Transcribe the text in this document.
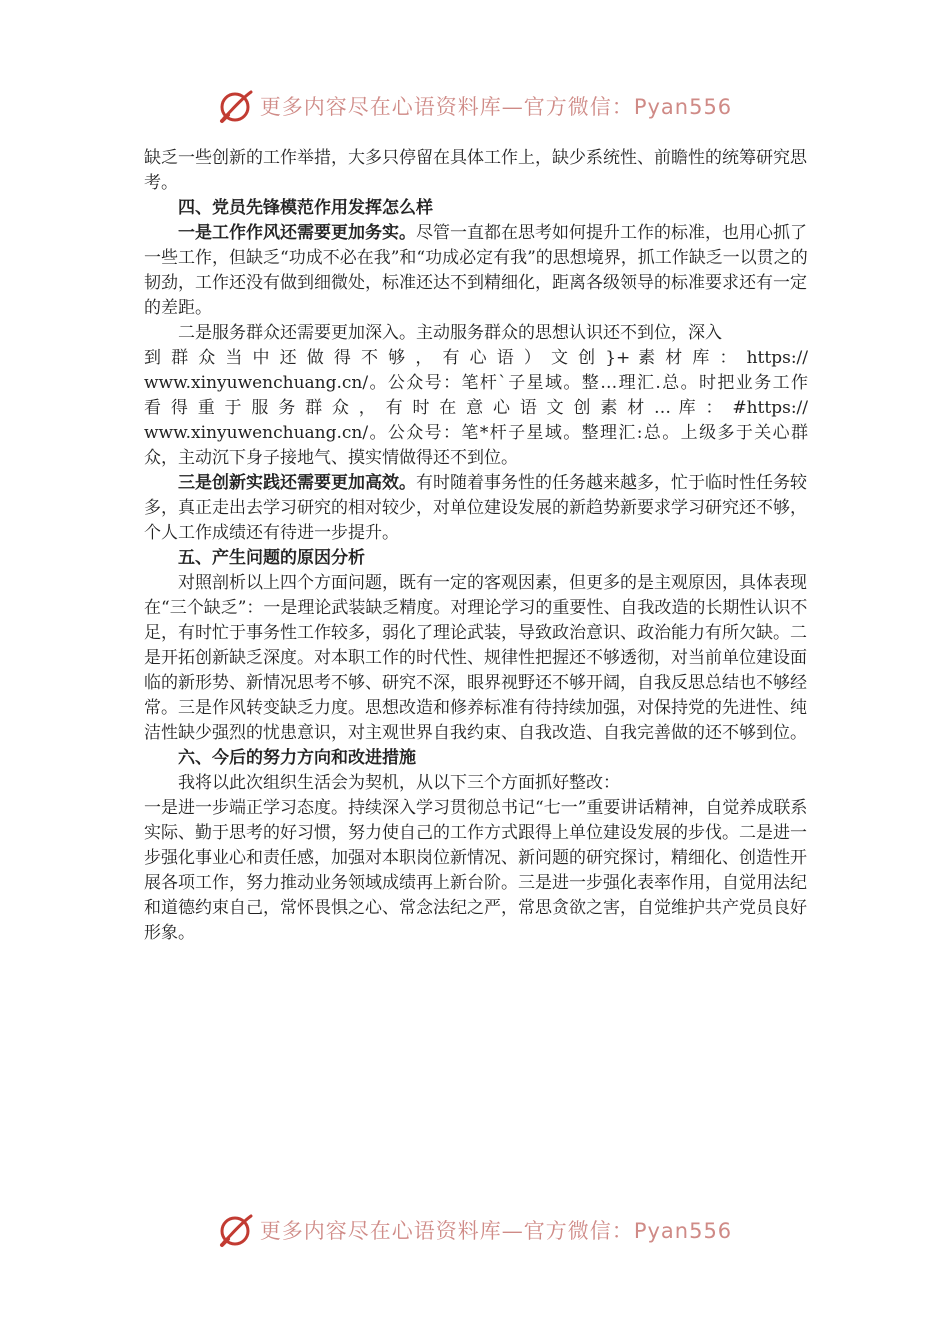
更多内容尽在心语资料库—官方微信：Pyan556

缺乏一些创新的工作举措，大多只停留在具体工作上，缺少系统性、前瞻性的统筹研究思考。

四、党员先锋模范作用发挥怎么样

一是工作作风还需要更加务实。尽管一直都在思考如何提升工作的标准，也用心抓了一些工作，但缺乏“功成不必在我”和“功成必定有我”的思想境界，抓工作缺乏一以贯之的韧劲，工作还没有做到细微处，标准还达不到精细化，距离各级领导的标准要求还有一定的差距。

二是服务群众还需要更加深入。主动服务群众的思想认识还不到位，深入

到 群 众 当 中 还 做 得 不 够 ， 有 心 语 ） 文 创 }+ 素 材 库 ： https://

www.xinyuwenchuang.cn/。公众号：笔杆`子星域。整…理汇.总。时把业务工作

看 得 重 于 服 务 群 众 ， 有 时 在 意 心 语 文 创 素 材 … 库 ： #https://

www.xinyuwenchuang.cn/。公众号：笔*杆子星域。整理汇:总。上级多于关心群

众，主动沉下身子接地气、摸实情做得还不到位。

三是创新实践还需要更加高效。有时随着事务性的任务越来越多，忙于临时性任务较多，真正走出去学习研究的相对较少，对单位建设发展的新趋势新要求学习研究还不够，个人工作成绩还有待进一步提升。

五、产生问题的原因分析

对照剖析以上四个方面问题，既有一定的客观因素，但更多的是主观原因，具体表现在“三个缺乏”：一是理论武装缺乏精度。对理论学习的重要性、自我改造的长期性认识不足，有时忙于事务性工作较多，弱化了理论武装，导致政治意识、政治能力有所欠缺。二是开拓创新缺乏深度。对本职工作的时代性、规律性把握还不够透彻，对当前单位建设面临的新形势、新情况思考不够、研究不深，眼界视野还不够开阔，自我反思总结也不够经常。三是作风转变缺乏力度。思想改造和修养标准有待持续加强，对保持党的先进性、纯洁性缺少强烈的忧患意识，对主观世界自我约束、自我改造、自我完善做的还不够到位。

六、今后的努力方向和改进措施

我将以此次组织生活会为契机，从以下三个方面抓好整改：

一是进一步端正学习态度。持续深入学习贯彻总书记“七一”重要讲话精神，自觉养成联系实际、勤于思考的好习惯，努力使自己的工作方式跟得上单位建设发展的步伐。二是进一步强化事业心和责任感，加强对本职岗位新情况、新问题的研究探讨，精细化、创造性开展各项工作，努力推动业务领域成绩再上新台阶。三是进一步强化表率作用，自觉用法纪和道德约束自己，常怀畏惧之心、常念法纪之严，常思贪欲之害，自觉维护共产党员良好形象。

更多内容尽在心语资料库—官方微信：Pyan556
